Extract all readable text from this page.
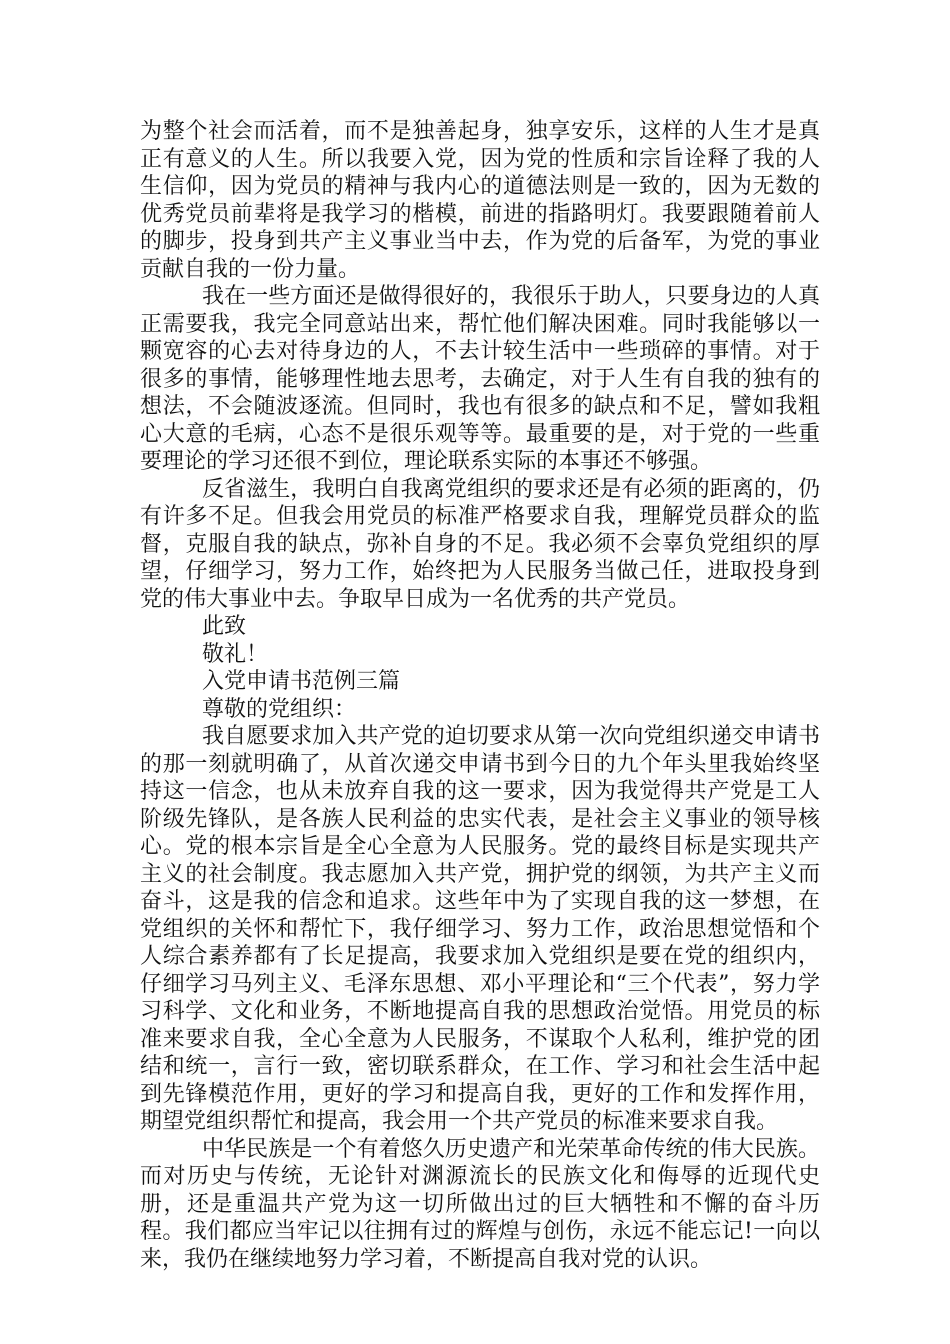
为整个社会而活着，而不是独善起身，独享安乐，这样的人生才是真正有意义的人生。所以我要入党，因为党的性质和宗旨诠释了我的人生信仰，因为党员的精神与我内心的道德法则是一致的，因为无数的优秀党员前辈将是我学习的楷模，前进的指路明灯。我要跟随着前人的脚步，投身到共产主义事业当中去，作为党的后备军，为党的事业贡献自我的一份力量。

我在一些方面还是做得很好的，我很乐于助人，只要身边的人真正需要我，我完全同意站出来，帮忙他们解决困难。同时我能够以一颗宽容的心去对待身边的人，不去计较生活中一些琐碎的事情。对于很多的事情，能够理性地去思考，去确定，对于人生有自我的独有的想法，不会随波逐流。但同时，我也有很多的缺点和不足，譬如我粗心大意的毛病，心态不是很乐观等等。最重要的是，对于党的一些重要理论的学习还很不到位，理论联系实际的本事还不够强。

反省滋生，我明白自我离党组织的要求还是有必须的距离的，仍有许多不足。但我会用党员的标准严格要求自我，理解党员群众的监督，克服自我的缺点，弥补自身的不足。我必须不会辜负党组织的厚望，仔细学习，努力工作，始终把为人民服务当做己任，进取投身到党的伟大事业中去。争取早日成为一名优秀的共产党员。

此致

敬礼！

入党申请书范例三篇

尊敬的党组织：

我自愿要求加入共产党的迫切要求从第一次向党组织递交申请书的那一刻就明确了，从首次递交申请书到今日的九个年头里我始终坚持这一信念，也从未放弃自我的这一要求，因为我觉得共产党是工人阶级先锋队，是各族人民利益的忠实代表，是社会主义事业的领导核心。党的根本宗旨是全心全意为人民服务。党的最终目标是实现共产主义的社会制度。我志愿加入共产党，拥护党的纲领，为共产主义而奋斗，这是我的信念和追求。这些年中为了实现自我的这一梦想，在党组织的关怀和帮忙下，我仔细学习、努力工作，政治思想觉悟和个人综合素养都有了长足提高，我要求加入党组织是要在党的组织内，仔细学习马列主义、毛泽东思想、邓小平理论和“三个代表”，努力学习科学、文化和业务，不断地提高自我的思想政治觉悟。用党员的标准来要求自我，全心全意为人民服务，不谋取个人私利，维护党的团结和统一，言行一致，密切联系群众，在工作、学习和社会生活中起到先锋模范作用，更好的学习和提高自我，更好的工作和发挥作用，期望党组织帮忙和提高，我会用一个共产党员的标准来要求自我。

中华民族是一个有着悠久历史遗产和光荣革命传统的伟大民族。而对历史与传统，无论针对渊源流长的民族文化和侮辱的近现代史册，还是重温共产党为这一切所做出过的巨大牺牲和不懈的奋斗历程。我们都应当牢记以往拥有过的辉煌与创伤，永远不能忘记!一向以来，我仍在继续地努力学习着，不断提高自我对党的认识。
